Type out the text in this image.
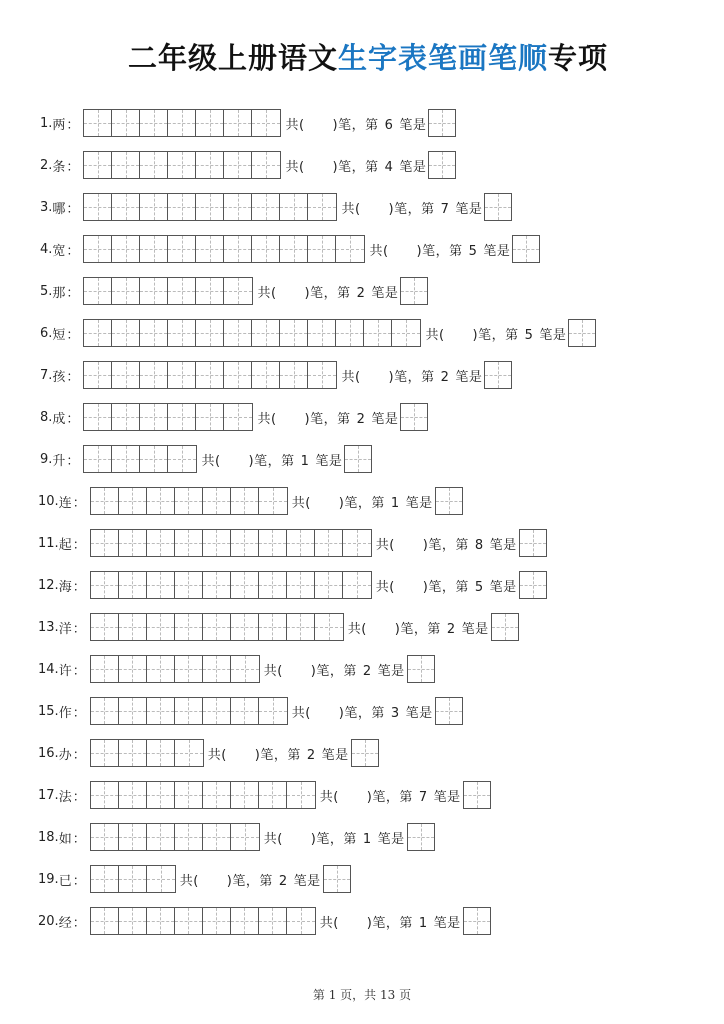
二年级上册语文生字表笔画笔顺专项
1. 两 ：	共( )笔，第 6 笔是
2. 条 ：	共( )笔，第 4 笔是
3. 哪 ：	共( )笔，第 7 笔是
4. 宽 ：	共( )笔，第 5 笔是
5. 那 ：	共( )笔，第 2 笔是
6. 短 ：	共( )笔，第 5 笔是
7. 孩 ：	共( )笔，第 2 笔是
8. 成 ：	共( )笔，第 2 笔是
9. 升 ：	共( )笔，第 1 笔是
10. 连 ：	共( )笔，第 1 笔是
11. 起 ：	共( )笔，第 8 笔是
12. 海 ：	共( )笔，第 5 笔是
13. 洋 ：	共( )笔，第 2 笔是
14. 许 ：	共( )笔，第 2 笔是
15. 作 ：	共( )笔，第 3 笔是
16. 办 ：	共( )笔，第 2 笔是
17. 法 ：	共( )笔，第 7 笔是
18. 如 ：	共( )笔，第 1 笔是
19. 已 ：	共( )笔，第 2 笔是
20. 经 ：	共( )笔，第 1 笔是
第 1 页，共 13 页
